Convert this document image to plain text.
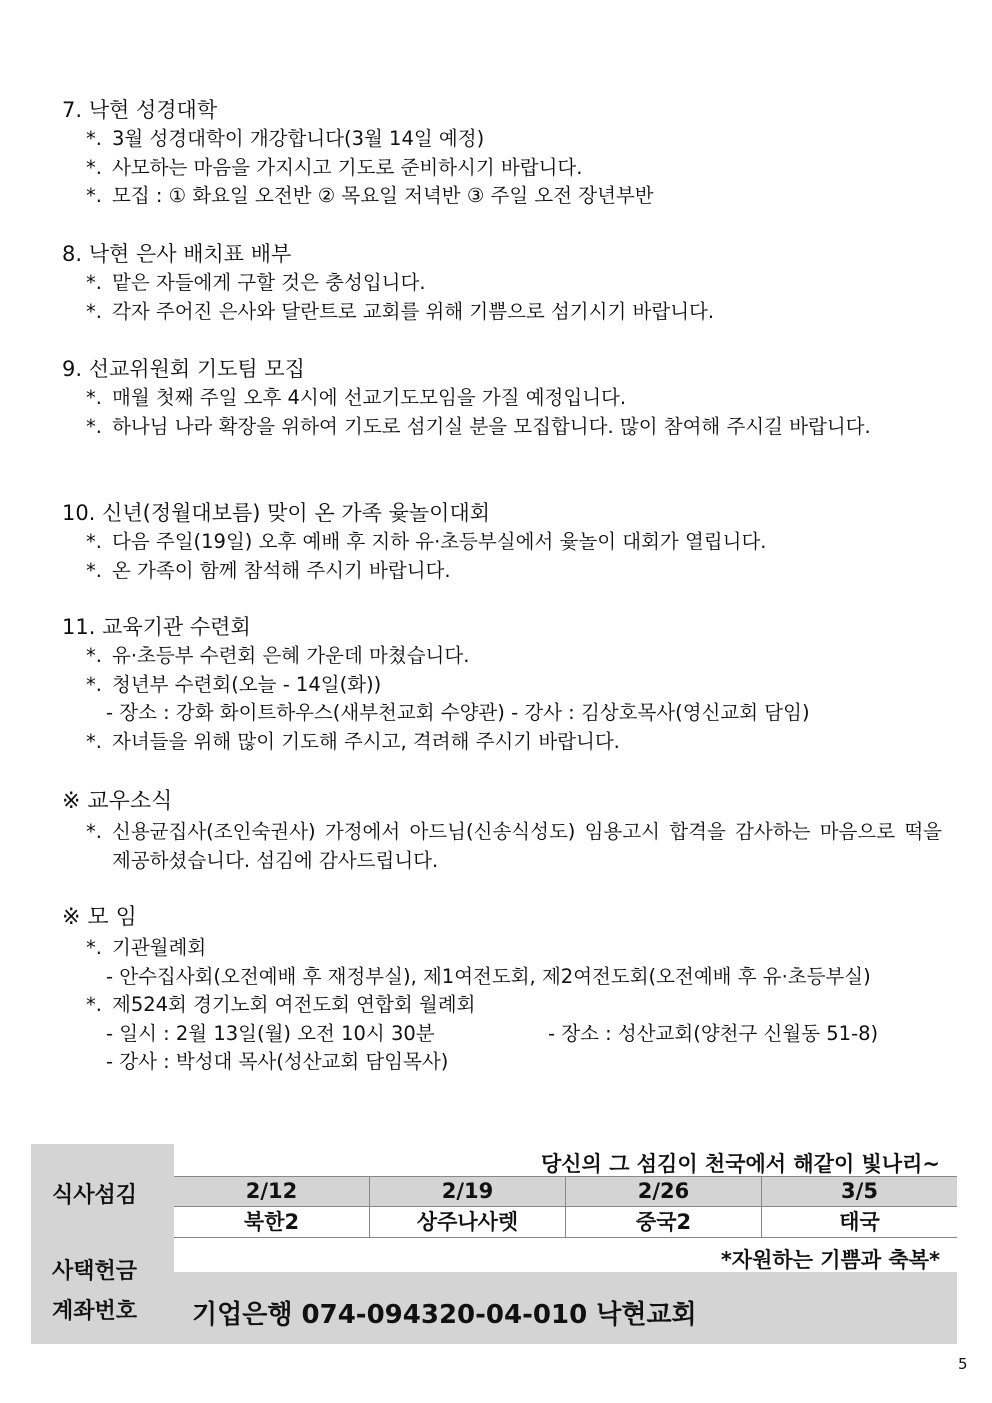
7. 낙현 성경대학
*. 3월 성경대학이 개강합니다(3월 14일 예정)
*. 사모하는 마음을 가지시고 기도로 준비하시기 바랍니다.
*. 모집 : ① 화요일 오전반 ② 목요일 저녁반 ③ 주일 오전 장년부반
8. 낙현 은사 배치표 배부
*. 맡은 자들에게 구할 것은 충성입니다.
*. 각자 주어진 은사와 달란트로 교회를 위해 기쁨으로 섬기시기 바랍니다.
9. 선교위원회 기도팀 모집
*. 매월 첫째 주일 오후 4시에 선교기도모임을 가질 예정입니다.
*. 하나님 나라 확장을 위하여 기도로 섬기실 분을 모집합니다. 많이 참여해 주시길 바랍니다.
10. 신년(정월대보름) 맞이 온 가족 윷놀이대회
*. 다음 주일(19일) 오후 예배 후 지하 유·초등부실에서 윷놀이 대회가 열립니다.
*. 온 가족이 함께 참석해 주시기 바랍니다.
11. 교육기관 수련회
*. 유·초등부 수련회 은혜 가운데 마쳤습니다.
*. 청년부 수련회(오늘 - 14일(화))
- 장소 : 강화 화이트하우스(새부천교회 수양관) - 강사 : 김상호목사(영신교회 담임)
*. 자녀들을 위해 많이 기도해 주시고, 격려해 주시기 바랍니다.
※ 교우소식
*. 신용균집사(조인숙권사) 가정에서 아드님(신송식성도) 임용고시 합격을 감사하는 마음으로 떡을 제공하셨습니다. 섬김에 감사드립니다.
※ 모 임
*. 기관월례회
- 안수집사회(오전예배 후 재정부실), 제1여전도회, 제2여전도회(오전예배 후 유·초등부실)
*. 제524회 경기노회 여전도회 연합회 월례회
- 일시 : 2월 13일(월) 오전 10시 30분	- 장소 : 성산교회(양천구 신월동 51-8)
- 강사 : 박성대 목사(성산교회 담임목사)
당신의 그 섬김이 천국에서 해같이 빛나리~
식사섬김
사택헌금
계좌번호
2/12	2/19	2/26	3/5
북한2	상주나사렛	중국2	태국
*자원하는 기쁨과 축복*
기업은행 074-094320-04-010 낙현교회
5
